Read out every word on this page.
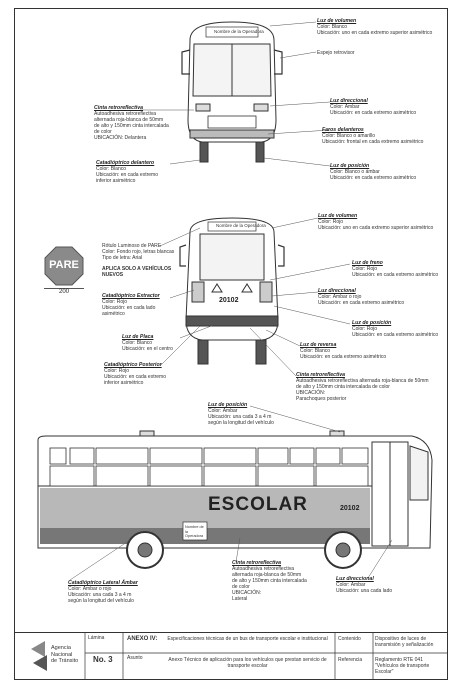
Nombre de la Operadora
Nombre de la Operadora
20102
ESCOLAR	20102
Nombre de la Operadora
PARE
200
Luz de volumen
Color: Blanco
Ubicación: uno en cada extremo superior asimétrico
Espejo retrovisor
Cinta retroreflectiva
Autoadhesiva retroreflectiva
alternada roja-blanca de 50mm
de alto y 150mm cinta intercalada
de color
UBICACIÓN: Delantera
Luz direccional
Color: Ámbar
Ubicación: en cada extremo asimétrico
Faros delanteros
Color: Blanco o amarillo
Ubicación: frontal en cada extremo asimétrico
Catadióptrico delantero
Color: Blanco
Ubicación: en cada extremo
inferior asimétrico
Luz de posición
Color: Blanco o ámbar
Ubicación: en cada extremo asimétrico
Luz de volumen
Color: Rojo
Ubicación: uno en cada extremo superior asimétrico
Rótulo Luminoso de PARE
Color: Fondo rojo, letras blancas
Tipo de letra: Arial
APLICA SOLO A VEHÍCULOS NUEVOS
Luz de freno
Color: Rojo
Ubicación: en cada extremo asimétrico
Catadióptrico Extractor
Color: Rojo
Ubicación: en cada lado
asimétrico
Luz direccional
Color: Ámbar o rojo
Ubicación: en cada extremo asimétrico
Luz de posición
Color: Rojo
Ubicación: en cada extremo asimétrico
Luz de Placa
Color: Blanco
Ubicación: en el centro
Luz de reversa
Color: Blanco
Ubicación: en cada extremo asimétrico
Catadióptrico Posterior
Color: Rojo
Ubicación: en cada extremo
inferior asimétrico
Cinta retroreflectiva
Autoadhesiva retroreflectiva alternada roja-blanca de 50mm
de alto y 150mm cinta intercalada de color
UBICACIÓN:
Parachoques posterior
Luz de posición
Color: Ámbar
Ubicación: una cada 3 a 4 m
según la longitud del vehículo
Cinta retroreflectiva
Autoadhesiva retroreflectiva
alternada roja-blanca de 50mm
de alto y 150mm cinta intercalada
de color
UBICACIÓN:
Lateral
Catadióptrico Lateral Ámbar
Color: Ámbar o rojo
Ubicación: una cada 3 a 4 m
según la longitud del vehículo
Luz direccional
Color: Ámbar
Ubicación: una cada lado
Agencia
Nacional
de Tránsito
Lámina
No. 3
ANEXO IV:	Especificaciones técnicas de un bus de transporte escolar e institucional
Asunto	Anexo Técnico de aplicación para los vehículos que prestan servicio de transporte escolar
Contenido	Dispositivo de luces de transmisión y señalización
Referencia	Reglamento RTE 041 "Vehículos de transporte Escolar"
